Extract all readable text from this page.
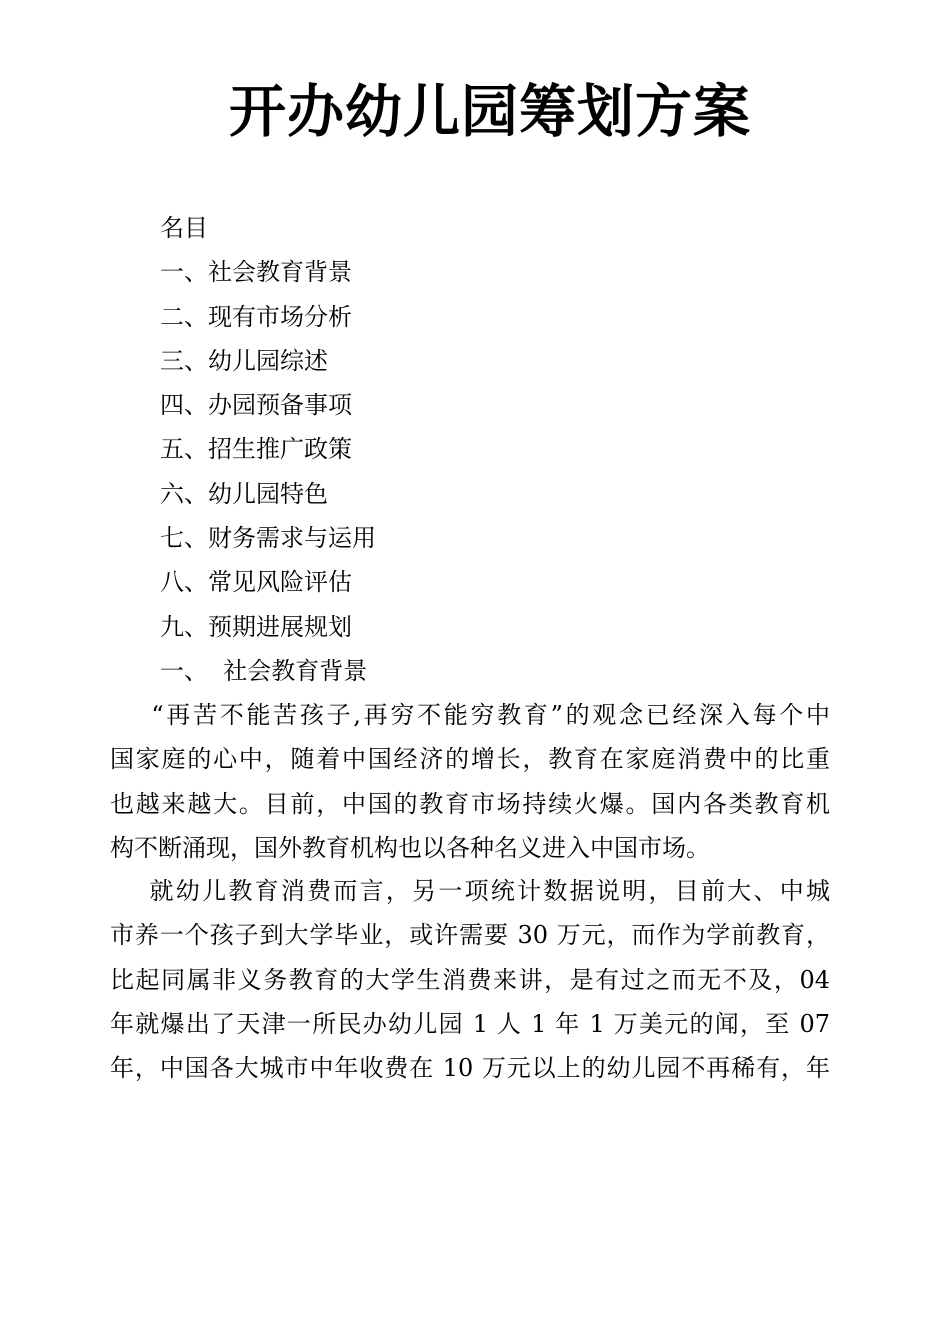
开办幼儿园筹划方案
名目
一、社会教育背景
二、现有市场分析
三、幼儿园综述
四、办园预备事项
五、招生推广政策
六、幼儿园特色
七、财务需求与运用
八、常见风险评估
九、预期进展规划
一、  社会教育背景
“再苦不能苦孩子,再穷不能穷教育”的观念已经深入每个中
国家庭的心中，随着中国经济的增长，教育在家庭消费中的比重
也越来越大。目前，中国的教育市场持续火爆。国内各类教育机
构不断涌现，国外教育机构也以各种名义进入中国市场。
就幼儿教育消费而言，另一项统计数据说明，目前大、中城
市养一个孩子到大学毕业，或许需要 30 万元，而作为学前教育，
比起同属非义务教育的大学生消费来讲，是有过之而无不及，04
年就爆出了天津一所民办幼儿园 1 人 1 年 1 万美元的闻，至 07
年，中国各大城市中年收费在 10 万元以上的幼儿园不再稀有，年
